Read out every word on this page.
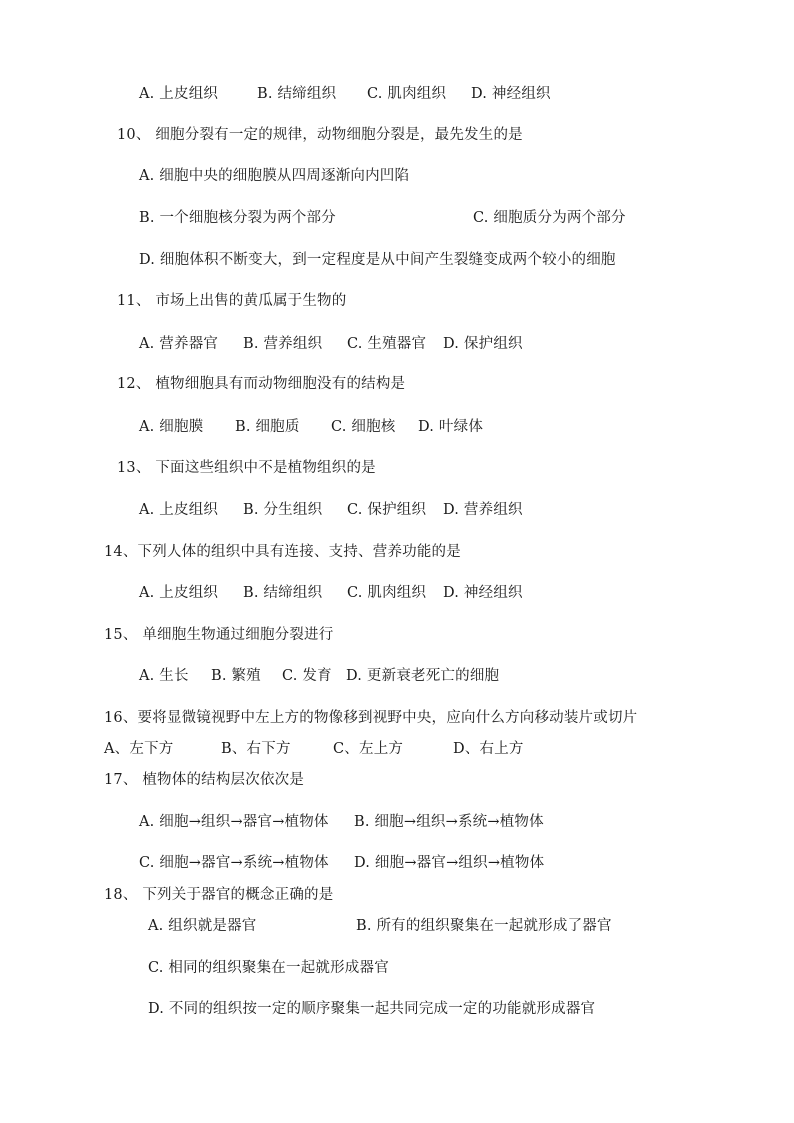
A. 上皮组织	B. 结缔组织 C. 肌肉组织 D. 神经组织
10、 细胞分裂有一定的规律，动物细胞分裂是，最先发生的是
A. 细胞中央的细胞膜从四周逐渐向内凹陷
B. 一个细胞核分裂为两个部分	C. 细胞质分为两个部分
D. 细胞体积不断变大，到一定程度是从中间产生裂缝变成两个较小的细胞
11、 市场上出售的黄瓜属于生物的
A. 营养器官 B. 营养组织 C. 生殖器官 D. 保护组织
12、 植物细胞具有而动物细胞没有的结构是
A. 细胞膜 B. 细胞质 C. 细胞核 D. 叶绿体
13、 下面这些组织中不是植物组织的是
A. 上皮组织 B. 分生组织 C. 保护组织 D. 营养组织
14、下列人体的组织中具有连接、支持、营养功能的是
A. 上皮组织 B. 结缔组织 C. 肌肉组织 D. 神经组织
15、 单细胞生物通过细胞分裂进行
A. 生长 B. 繁殖 C. 发育 D. 更新衰老死亡的细胞
16、要将显微镜视野中左上方的物像移到视野中央，应向什么方向移动装片或切片
A、左下方	B、右下方	C、左上方	D、右上方
17、 植物体的结构层次依次是
A. 细胞→组织→器官→植物体 B. 细胞→组织→系统→植物体
C. 细胞→器官→系统→植物体 D. 细胞→器官→组织→植物体
18、 下列关于器官的概念正确的是
A. 组织就是器官	B. 所有的组织聚集在一起就形成了器官
C. 相同的组织聚集在一起就形成器官
D. 不同的组织按一定的顺序聚集一起共同完成一定的功能就形成器官
